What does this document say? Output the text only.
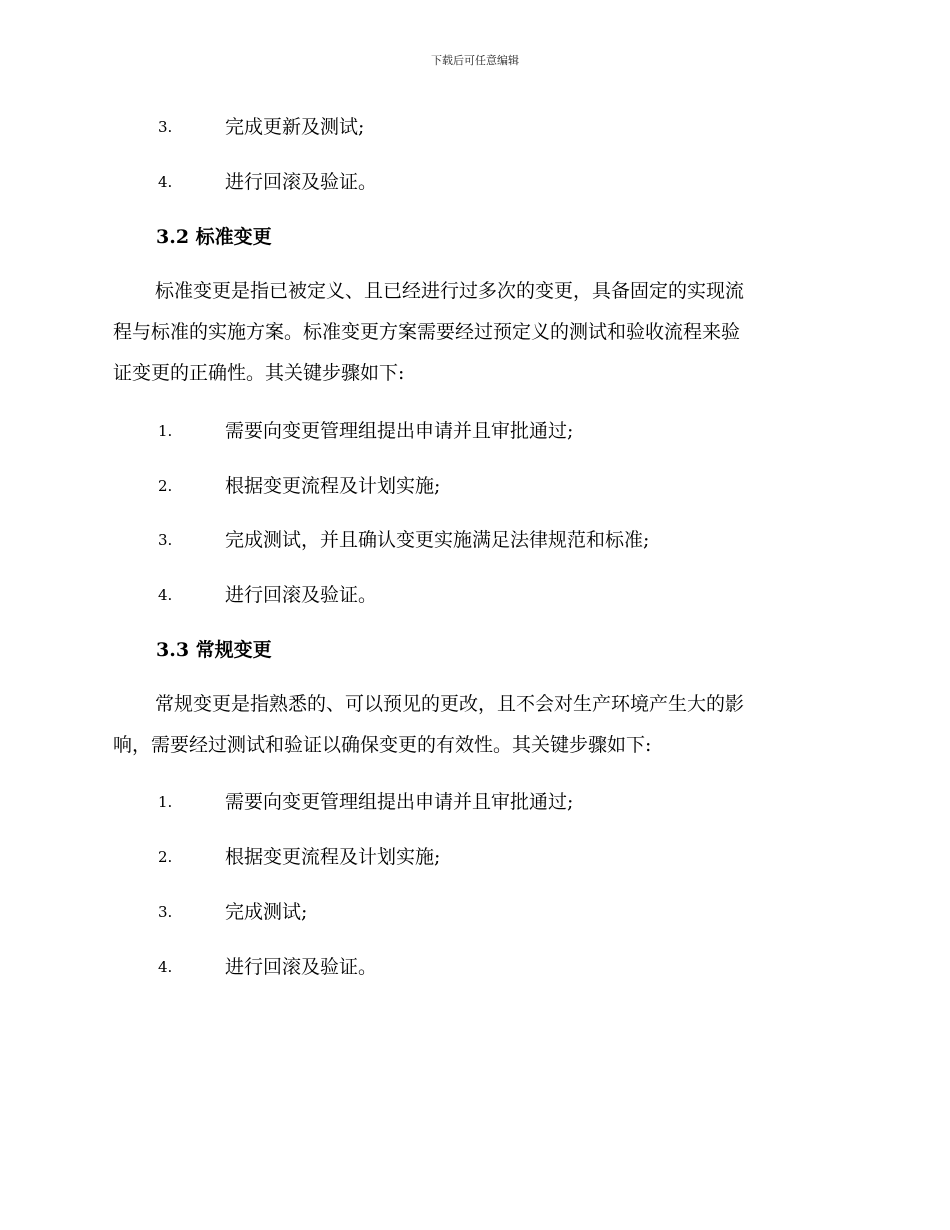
下载后可任意编辑
3.	完成更新及测试;
4.	进行回滚及验证。
3.2 标准变更
标准变更是指已被定义、且已经进行过多次的变更，具备固定的实现流
程与标准的实施方案。标准变更方案需要经过预定义的测试和验收流程来验
证变更的正确性。其关键步骤如下:
1.	需要向变更管理组提出申请并且审批通过;
2.	根据变更流程及计划实施;
3.	完成测试，并且确认变更实施满足法律规范和标准;
4.	进行回滚及验证。
3.3 常规变更
常规变更是指熟悉的、可以预见的更改，且不会对生产环境产生大的影
响，需要经过测试和验证以确保变更的有效性。其关键步骤如下:
1.	需要向变更管理组提出申请并且审批通过;
2.	根据变更流程及计划实施;
3.	完成测试;
4.	进行回滚及验证。
